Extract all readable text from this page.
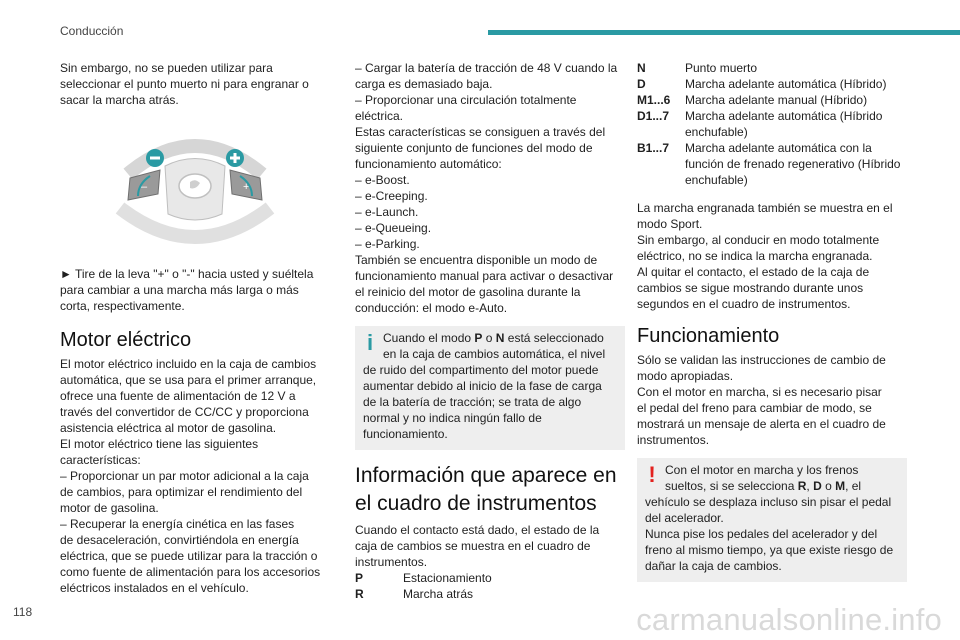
Conducción

Sin embargo, no se pueden utilizar para
seleccionar el punto muerto ni para engranar o
sacar la marcha atrás.

–	+

► Tire de la leva "+" o "-" hacia usted y suéltela
para cambiar a una marcha más larga o más
corta, respectivamente.

Motor eléctrico

El motor eléctrico incluido en la caja de cambios
automática, que se usa para el primer arranque,
ofrece una fuente de alimentación de 12 V a
través del convertidor de CC/CC y proporciona
asistencia eléctrica al motor de gasolina.
El motor eléctrico tiene las siguientes
características:
– Proporcionar un par motor adicional a la caja
de cambios, para optimizar el rendimiento del
motor de gasolina.
– Recuperar la energía cinética en las fases
de desaceleración, convirtiéndola en energía
eléctrica, que se puede utilizar para la tracción o
como fuente de alimentación para los accesorios
eléctricos instalados en el vehículo.

– Cargar la batería de tracción de 48 V cuando la
carga es demasiado baja.
– Proporcionar una circulación totalmente
eléctrica.
Estas características se consiguen a través del
siguiente conjunto de funciones del modo de
funcionamiento automático:
– e-Boost.
– e-Creeping.
– e-Launch.
– e-Queueing.
– e-Parking.
También se encuentra disponible un modo de
funcionamiento manual para activar o desactivar
el reinicio del motor de gasolina durante la
conducción: el modo e-Auto.

i Cuando el modo P o N está seleccionado
en la caja de cambios automática, el nivel

de ruido del compartimento del motor puede
aumentar debido al inicio de la fase de carga
de la batería de tracción; se trata de algo
normal y no indica ningún fallo de
funcionamiento.

Información que aparece en
el cuadro de instrumentos

Cuando el contacto está dado, el estado de la
caja de cambios se muestra en el cuadro de
instrumentos.

P	Estacionamiento
R	Marcha atrás
N	Punto muerto
D	Marcha adelante automática (Híbrido)
M1...6	Marcha adelante manual (Híbrido)
D1...7	Marcha adelante automática (Híbrido
enchufable)
B1...7	Marcha adelante automática con la
función de frenado regenerativo (Híbrido
enchufable)

La marcha engranada también se muestra en el
modo Sport.
Sin embargo, al conducir en modo totalmente
eléctrico, no se indica la marcha engranada.
Al quitar el contacto, el estado de la caja de
cambios se sigue mostrando durante unos
segundos en el cuadro de instrumentos.

Funcionamiento

Sólo se validan las instrucciones de cambio de
modo apropiadas.
Con el motor en marcha, si es necesario pisar
el pedal del freno para cambiar de modo, se
mostrará un mensaje de alerta en el cuadro de
instrumentos.

! Con el motor en marcha y los frenos
sueltos, si se selecciona R, D o M, el

vehículo se desplaza incluso sin pisar el pedal
del acelerador.
Nunca pise los pedales del acelerador y del
freno al mismo tiempo, ya que existe riesgo de
dañar la caja de cambios.

118	carmanualsonline.info
